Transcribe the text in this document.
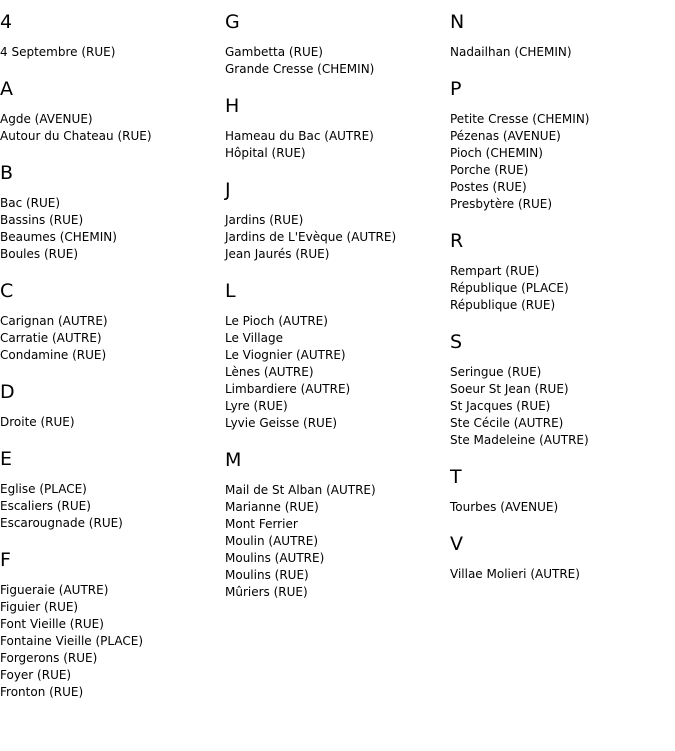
4
4 Septembre (RUE)
A
Agde (AVENUE)
Autour du Chateau (RUE)
B
Bac (RUE)
Bassins (RUE)
Beaumes (CHEMIN)
Boules (RUE)
C
Carignan (AUTRE)
Carratie (AUTRE)
Condamine (RUE)
D
Droite (RUE)
E
Eglise (PLACE)
Escaliers (RUE)
Escarougnade (RUE)
F
Figueraie (AUTRE)
Figuier (RUE)
Font Vieille (RUE)
Fontaine Vieille (PLACE)
Forgerons (RUE)
Foyer (RUE)
Fronton (RUE)
G
Gambetta (RUE)
Grande Cresse (CHEMIN)
H
Hameau du Bac (AUTRE)
Hôpital (RUE)
J
Jardins (RUE)
Jardins de L'Evèque (AUTRE)
Jean Jaurés (RUE)
L
Le Pioch (AUTRE)
Le Village
Le Viognier (AUTRE)
Lènes (AUTRE)
Limbardiere (AUTRE)
Lyre (RUE)
Lyvie Geisse (RUE)
M
Mail de St Alban (AUTRE)
Marianne (RUE)
Mont Ferrier
Moulin (AUTRE)
Moulins (AUTRE)
Moulins (RUE)
Mûriers (RUE)
N
Nadailhan (CHEMIN)
P
Petite Cresse (CHEMIN)
Pézenas (AVENUE)
Pioch (CHEMIN)
Porche (RUE)
Postes (RUE)
Presbytère (RUE)
R
Rempart (RUE)
République (PLACE)
République (RUE)
S
Seringue (RUE)
Soeur St Jean (RUE)
St Jacques (RUE)
Ste Cécile (AUTRE)
Ste Madeleine (AUTRE)
T
Tourbes (AVENUE)
V
Villae Molieri (AUTRE)
